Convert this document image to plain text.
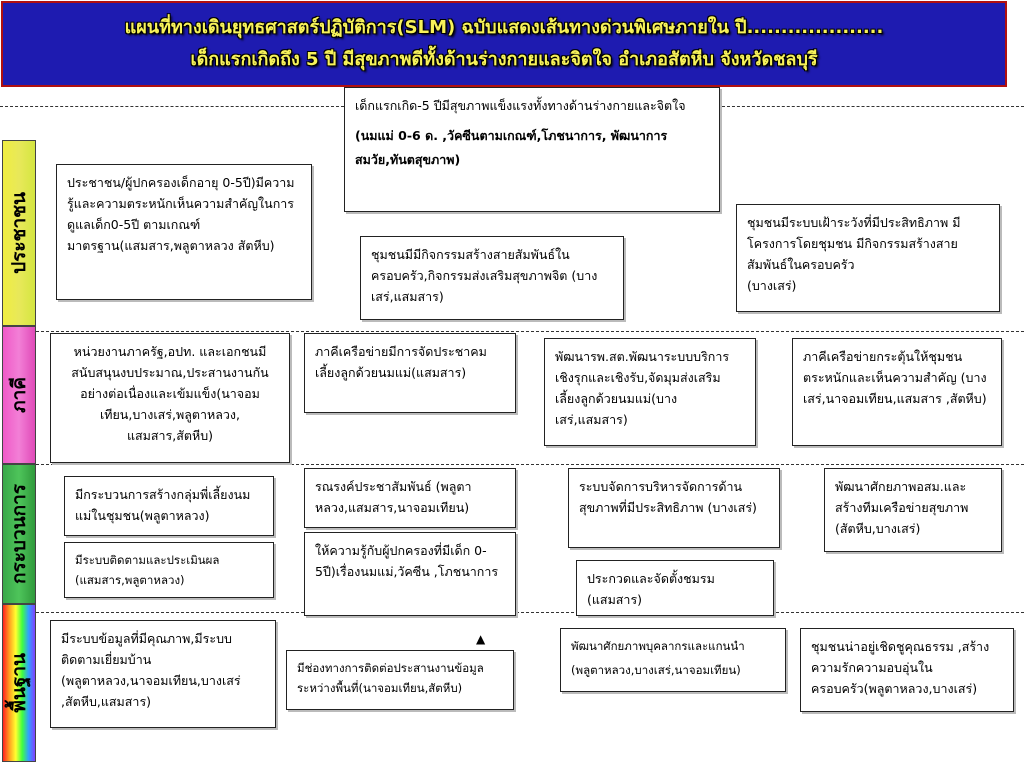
แผนที่ทางเดินยุทธศาสตร์ปฏิบัติการ(SLM) ฉบับแสดงเส้นทางด่วนพิเศษภายใน ปี....................
เด็กแรกเกิดถึง 5 ปี มีสุขภาพดีทั้งด้านร่างกายและจิตใจ อำเภอสัตหีบ จังหวัดชลบุรี
ประชาชน
ภาคี
กระบวนการ
พื้นฐาน

เด็กแรกเกิด-5 ปีมีสุขภาพแข็งแรงทั้งทางด้านร่างกายและจิตใจ

(นมแม่ 0-6 ด. ,วัคซีนตามเกณฑ์,โภชนาการ, พัฒนาการสมวัย,ทันตสุขภาพ)

ประชาชน/ผู้ปกครองเด็กอายุ 0-5ปี)มีความรู้และความตระหนักเห็นความสำคัญในการดูแลเด็ก0-5ปี ตามเกณฑ์มาตรฐาน(แสมสาร,พลูตาหลวง สัตหีบ)

ชุมชนมีมีกิจกรรมสร้างสายสัมพันธ์ในครอบครัว,กิจกรรมส่งเสริมสุขภาพจิต (บางเสร่,แสมสาร)

ชุมชนมีระบบเฝ้าระวังที่มีประสิทธิภาพ มีโครงการโดยชุมชน มีกิจกรรมสร้างสายสัมพันธ์ในครอบครัว

(บางเสร่)

หน่วยงานภาครัฐ,อปท. และเอกชนมีสนับสนุนงบประมาณ,ประสานงานกัน อย่างต่อเนื่องและเข้มแข็ง(นาจอมเทียน,บางเสร่,พลูตาหลวง, แสมสาร,สัตหีบ)

ภาคีเครือข่ายมีการจัดประชาคมเลี้ยงลูกด้วยนมแม่(แสมสาร)

พัฒนารพ.สต.พัฒนาระบบบริการเชิงรุกและเชิงรับ,จัดมุมส่งเสริมเลี้ยงลูกด้วยนมแม่(บางเสร่,แสมสาร)

ภาคีเครือข่ายกระตุ้นให้ชุมชนตระหนักและเห็นความสำคัญ (บางเสร่,นาจอมเทียน,แสมสาร ,สัตหีบ)

มีกระบวนการสร้างกลุ่มพี่เลี้ยงนมแม่ในชุมชน(พลูตาหลวง)

มีระบบติดตามและประเมินผล (แสมสาร,พลูตาหลวง)

รณรงค์ประชาสัมพันธ์ (พลูตาหลวง,แสมสาร,นาจอมเทียน)

ให้ความรู้กับผู้ปกครองที่มีเด็ก 0-5ปี)เรื่องนมแม่,วัคซีน ,โภชนาการ

ระบบจัดการบริหารจัดการด้านสุขภาพที่มีประสิทธิภาพ (บางเสร่)

ประกวดและจัดตั้งชมรม (แสมสาร)

พัฒนาศักยภาพอสม.และสร้างทีมเครือข่ายสุขภาพ (สัตหีบ,บางเสร่)

มีระบบข้อมูลที่มีคุณภาพ,มีระบบติดตามเยี่ยมบ้าน

(พลูตาหลวง,นาจอมเทียน,บางเสร่ ,สัตหีบ,แสมสาร)

▲

มีช่องทางการติดต่อประสานงานข้อมูลระหว่างพื้นที่(นาจอมเทียน,สัตหีบ)

พัฒนาศักยภาพบุคลากรและแกนนำ

(พลูตาหลวง,บางเสร่,นาจอมเทียน)

ชุมชนน่าอยู่เชิดชูคุณธรรม ,สร้างความรักความอบอุ่นในครอบครัว(พลูตาหลวง,บางเสร่)
